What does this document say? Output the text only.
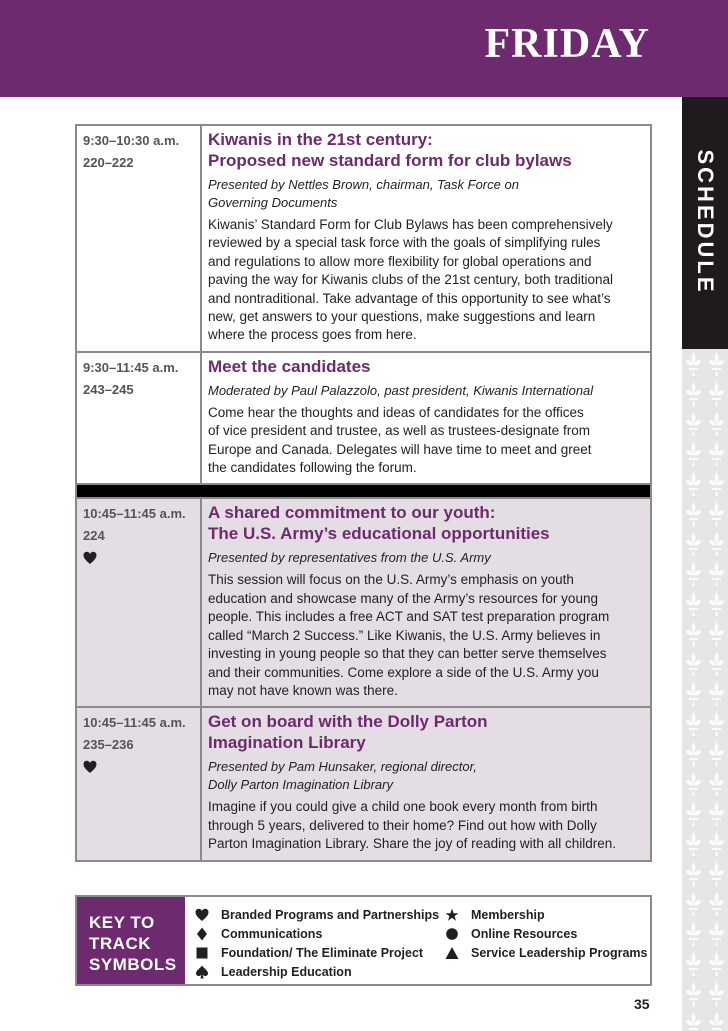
FRIDAY
SCHEDULE
9:30–10:30 a.m.
220–222
Kiwanis in the 21st century:
Proposed new standard form for club bylaws
Presented by Nettles Brown, chairman, Task Force on
Governing Documents
Kiwanis’ Standard Form for Club Bylaws has been comprehensively
reviewed by a special task force with the goals of simplifying rules
and regulations to allow more flexibility for global operations and
paving the way for Kiwanis clubs of the 21st century, both traditional
and nontraditional. Take advantage of this opportunity to see what’s
new, get answers to your questions, make suggestions and learn
where the process goes from here.
9:30–11:45 a.m.
243–245
Meet the candidates
Moderated by Paul Palazzolo, past president, Kiwanis International
Come hear the thoughts and ideas of candidates for the offices
of vice president and trustee, as well as trustees-designate from
Europe and Canada. Delegates will have time to meet and greet
the candidates following the forum.
10:45–11:45 a.m.
224
A shared commitment to our youth:
The U.S. Army’s educational opportunities
Presented by representatives from the U.S. Army
This session will focus on the U.S. Army’s emphasis on youth
education and showcase many of the Army’s resources for young
people. This includes a free ACT and SAT test preparation program
called “March 2 Success.” Like Kiwanis, the U.S. Army believes in
investing in young people so that they can better serve themselves
and their communities. Come explore a side of the U.S. Army you
may not have known was there.
10:45–11:45 a.m.
235–236
Get on board with the Dolly Parton
Imagination Library
Presented by Pam Hunsaker, regional director,
Dolly Parton Imagination Library
Imagine if you could give a child one book every month from birth
through 5 years, delivered to their home? Find out how with Dolly
Parton Imagination Library. Share the joy of reading with all children.
KEY TO
TRACK
SYMBOLS
Branded Programs and Partnerships
Communications
Foundation/ The Eliminate Project
Leadership Education
Membership
Online Resources
Service Leadership Programs
35
